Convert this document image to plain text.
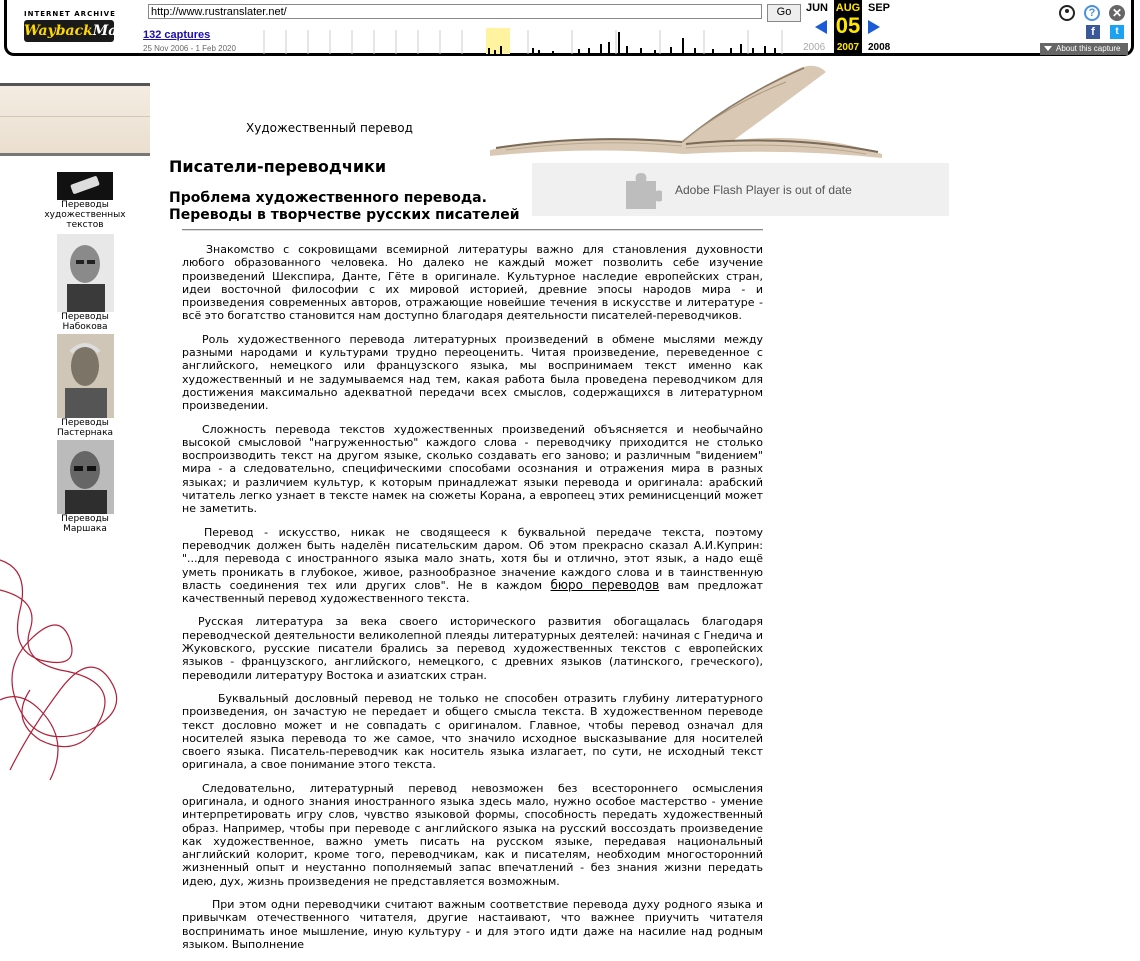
INTERNET ARCHIVE
WaybackMachine
http://www.rustranslater.net/	Go
132 captures
25 Nov 2006 - 1 Feb 2020
JUN AUG SEP
05
2006 2007 2008
?	✕
f	t
About this capture
Художественный перевод
Писатели-переводчики
Проблема художественного перевода.
Переводы в творчестве русских писателей
Adobe Flash Player is out of date
Переводы
художественных
текстов
Переводы
Набокова
Переводы
Пастернака
Переводы
Маршака

Знакомство с сокровищами всемирной литературы важно для становления духовности любого образованного человека. Но далеко не каждый может позволить себе изучение произведений Шекспира, Данте, Гёте в оригинале. Культурное наследие европейских стран, идеи восточной философии с их мировой историей, древние эпосы народов мира - и произведения современных авторов, отражающие новейшие течения в искусстве и литературе - всё это богатство становится нам доступно благодаря деятельности писателей-переводчиков.

Роль художественного перевода литературных произведений в обмене мыслями между разными народами и культурами трудно переоценить. Читая произведение, переведенное с английского, немецкого или французского языка, мы воспринимаем текст именно как художественный и не задумываемся над тем, какая работа была проведена переводчиком для достижения максимально адекватной передачи всех смыслов, содержащихся в литературном произведении.

Сложность перевода текстов художественных произведений объясняется и необычайно высокой смысловой "нагруженностью" каждого слова - переводчику приходится не столько воспроизводить текст на другом языке, сколько создавать его заново; и различным "видением" мира - а следовательно, специфическими способами осознания и отражения мира в разных языках; и различием культур, к которым принадлежат языки перевода и оригинала: арабский читатель легко узнает в тексте намек на сюжеты Корана, а европеец этих реминисценций может не заметить.

Перевод - искусство, никак не сводящееся к буквальной передаче текста, поэтому переводчик должен быть наделён писательским даром. Об этом прекрасно сказал А.И.Куприн: "...для перевода с иностранного языка мало знать, хотя бы и отлично, этот язык, а надо ещё уметь проникать в глубокое, живое, разнообразное значение каждого слова и в таинственную власть соединения тех или других слов". Не в каждом бюро переводов вам предложат качественный перевод художественного текста.

Русская литература за века своего исторического развития обогащалась благодаря переводческой деятельности великолепной плеяды литературных деятелей: начиная с Гнедича и Жуковского, русские писатели брались за перевод художественных текстов с европейских языков - французского, английского, немецкого, с древних языков (латинского, греческого), переводили литературу Востока и азиатских стран.

Буквальный дословный перевод не только не способен отразить глубину литературного произведения, он зачастую не передает и общего смысла текста. В художественном переводе текст дословно может и не совпадать с оригиналом. Главное, чтобы перевод означал для носителей языка перевода то же самое, что значило исходное высказывание для носителей своего языка. Писатель-переводчик как носитель языка излагает, по сути, не исходный текст оригинала, а свое понимание этого текста.

Следовательно, литературный перевод невозможен без всестороннего осмысления оригинала, и одного знания иностранного языка здесь мало, нужно особое мастерство - умение интерпретировать игру слов, чувство языковой формы, способность передать художественный образ. Например, чтобы при переводе с английского языка на русский воссоздать произведение как художественное, важно уметь писать на русском языке, передавая национальный английский колорит, кроме того, переводчикам, как и писателям, необходим многосторонний жизненный опыт и неустанно пополняемый запас впечатлений - без знания жизни передать идею, дух, жизнь произведения не представляется возможным.

При этом одни переводчики считают важным соответствие перевода духу родного языка и привычкам отечественного читателя, другие настаивают, что важнее приучить читателя воспринимать иное мышление, иную культуру - и для этого идти даже на насилие над родным языком. Выполнение
